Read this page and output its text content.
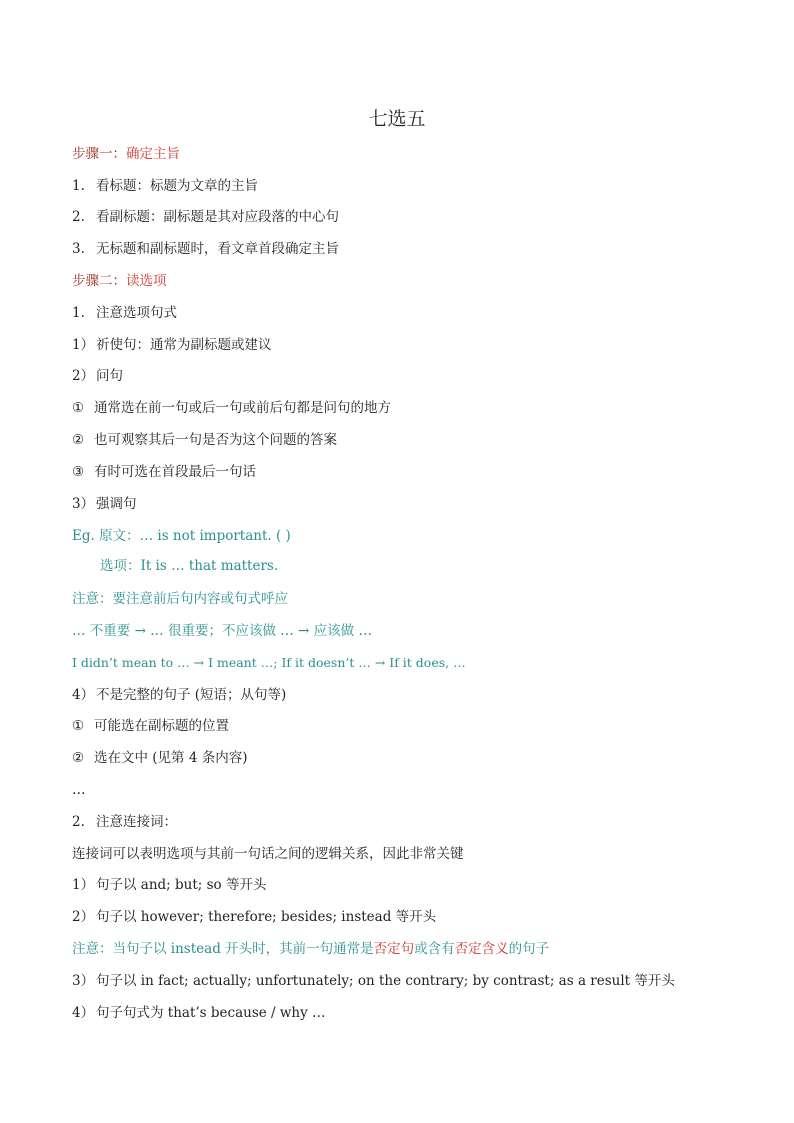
七选五
步骤一：确定主旨
1. 看标题：标题为文章的主旨
2. 看副标题：副标题是其对应段落的中心句
3. 无标题和副标题时，看文章首段确定主旨
步骤二：读选项
1. 注意选项句式
1） 祈使句：通常为副标题或建议
2） 问句
① 通常选在前一句或后一句或前后句都是问句的地方
② 也可观察其后一句是否为这个问题的答案
③ 有时可选在首段最后一句话
3） 强调句
Eg. 原文：… is not important. ( )
选项：It is … that matters.
注意：要注意前后句内容或句式呼应
… 不重要 → … 很重要；不应该做 … → 应该做 …
I didn’t mean to … → I meant …; If it doesn’t … → If it does, …
4） 不是完整的句子 (短语；从句等)
① 可能选在副标题的位置
② 选在文中 (见第 4 条内容)
…
2. 注意连接词：
连接词可以表明选项与其前一句话之间的逻辑关系，因此非常关键
1） 句子以 and; but; so 等开头
2） 句子以 however; therefore; besides; instead 等开头
注意：当句子以 instead 开头时，其前一句通常是否定句或含有否定含义的句子
3） 句子以 in fact; actually; unfortunately; on the contrary; by contrast; as a result 等开头
4） 句子句式为 that’s because / why …
